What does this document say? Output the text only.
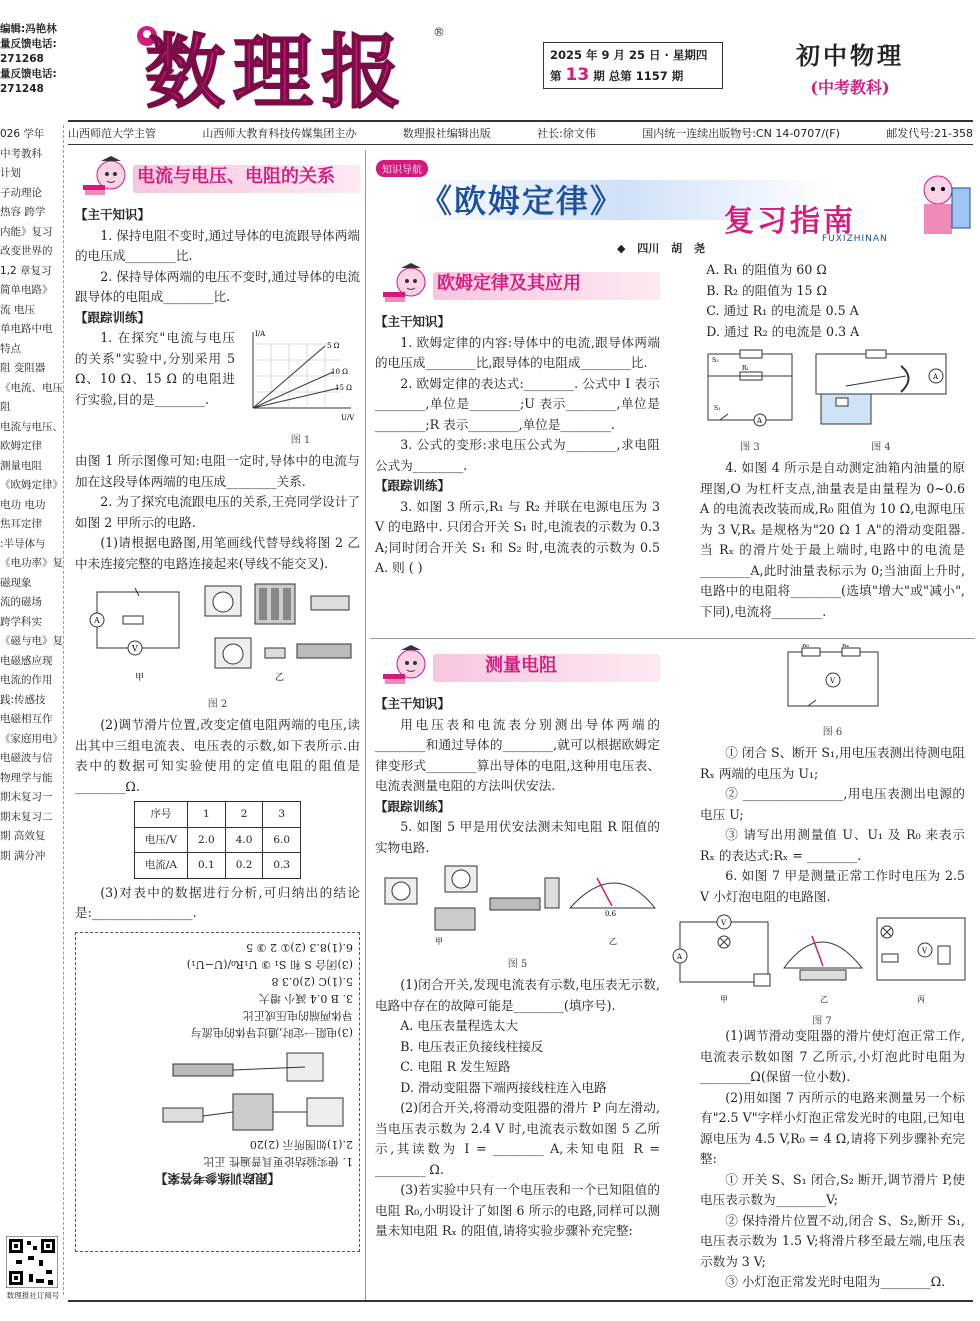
编辑:冯艳林
量反馈电话:
271268
量反馈电话:
271248 数理报 ®
2025 年 9 月 25 日 · 星期四
第 13 期 总第 1157 期
初中物理
(中考教科)
山西师范大学主管	山西师大教育科技传媒集团主办	数理报社编辑出版	社长:徐文伟	国内统一连续出版物号:CN 14-0707/(F)	邮发代号:21-358
026 学年
中考教科
计划
子动理论
热容 跨学
内能》复习
改变世界的
1,2 章复习
简单电路》
流 电压
单电路中电
特点
阻 变阻器
《电流、电压
阻
电流与电压、
欧姆定律
测量电阻
《欧姆定律》
电功 电功
焦耳定律
:半导体与
《电功率》复
磁现象
流的磁场
跨学科实
《磁与电》复
电磁感应现
电流的作用
践:传感技
电磁相互作
《家庭用电》
电磁波与信
物理学与能
期末复习一
期末复习二
期 高效复
期 满分冲
数理报社订阅号
电流与电压、电阻的关系

【主干知识】

1. 保持电阻不变时,通过导体的电流跟导体两端的电压成________比.

2. 保持导体两端的电压不变时,通过导体的电流跟导体的电阻成________比.

【跟踪训练】

1. 在探究"电流与电压的关系"实验中,分别采用 5 Ω、10 Ω、15 Ω 的电阻进行实验,目的是________.

5 Ω
10 Ω
15 Ω
I/A
U/V
图 1

由图 1 所示图像可知:电阻一定时,导体中的电流与加在这段导体两端的电压成________关系.

2. 为了探究电流跟电压的关系,王亮同学设计了如图 2 甲所示的电路.

(1)请根据电路图,用笔画线代替导线将图 2 乙中未连接完整的电路连接起来(导线不能交叉).

A
V
甲	乙
图 2

(2)调节滑片位置,改变定值电阻两端的电压,读出其中三组电流表、电压表的示数,如下表所示.由表中的数据可知实验使用的定值电阻的阻值是________Ω.

序号	1	2	3
电压/V	2.0	4.0	6.0
电流/A	0.1	0.2	0.3

(3)对表中的数据进行分析,可归纳出的结论是:________________.

【跟踪训练参考答案】
1. 使实验结论更具普遍性 正比
2.(1)如图所示 (2)20
(3)电阻一定时,通过导体的电流与
导体两端的电压成正比
3. B 0.4 减小 增大
5.(1)C (2)0.3 8
(3)闭合 S 和 S₁ ③ U₁R₀/(U−U₁)
6.(1)8.3 (2)① 2 ③ 5
知识导航
《欧姆定律》
复习指南
FUXIZHINAN
◆ 四川 胡 尧
欧姆定律及其应用

【主干知识】

1. 欧姆定律的内容:导体中的电流,跟导体两端的电压成________比,跟导体的电阻成________比.

2. 欧姆定律的表达式:________. 公式中 I 表示________,单位是________;U 表示________,单位是________;R 表示________,单位是________.

3. 公式的变形:求电压公式为________,求电阻公式为________.

【跟踪训练】

3. 如图 3 所示,R₁ 与 R₂ 并联在电源电压为 3 V 的电路中. 只闭合开关 S₁ 时,电流表的示数为 0.3 A;同时闭合开关 S₁ 和 S₂ 时,电流表的示数为 0.5 A. 则 ( )

A. R₁ 的阻值为 60 Ω

B. R₂ 的阻值为 15 Ω

C. 通过 R₁ 的电流是 0.5 A

D. 通过 R₂ 的电流是 0.3 A

A
S₂
R₁
S₁
图 3
A
图 4

4. 如图 4 所示是自动测定油箱内油量的原理图,O 为杠杆支点,油量表是由量程为 0~0.6 A 的电流表改装而成,R₀ 阻值为 10 Ω,电源电压为 3 V,Rₓ 是规格为"20 Ω 1 A"的滑动变阻器. 当 Rₓ 的滑片处于最上端时,电路中的电流是________A,此时油量表标示为 0;当油面上升时,电路中的电阻将________(选填"增大"或"减小",下同),电流将________.

测量电阻

【主干知识】

用电压表和电流表分别测出导体两端的________和通过导体的________,就可以根据欧姆定律变形式________算出导体的电阻,这种用电压表、电流表测量电阻的方法叫伏安法.

【跟踪训练】

5. 如图 5 甲是用伏安法测未知电阻 R 阻值的实物电路.

0.6
甲	乙
图 5

(1)闭合开关,发现电流表有示数,电压表无示数,电路中存在的故障可能是________(填序号).

A. 电压表量程选太大

B. 电压表正负接线柱接反

C. 电阻 R 发生短路

D. 滑动变阻器下端两接线柱连入电路

(2)闭合开关,将滑动变阻器的滑片 P 向左滑动,当电压表示数为 2.4 V 时,电流表示数如图 5 乙所示,其读数为 I = ________ A,未知电阻 R = ________ Ω.

(3)若实验中只有一个电压表和一个已知阻值的电阻 R₀,小明设计了如图 6 所示的电路,同样可以测量未知电阻 Rₓ 的阻值,请将实验步骤补充完整:

V
R₀	Rₓ
图 6

① 闭合 S、断开 S₁,用电压表测出待测电阻 Rₓ 两端的电压为 U₁;

② ________________,用电压表测出电源的电压 U;

③ 请写出用测量值 U、U₁ 及 R₀ 来表示 Rₓ 的表达式:Rₓ = ________.

6. 如图 7 甲是测量正常工作时电压为 2.5 V 小灯泡电阻的电路图.

V
A
V
甲	乙	丙
图 7

(1)调节滑动变阻器的滑片使灯泡正常工作,电流表示数如图 7 乙所示,小灯泡此时电阻为________Ω(保留一位小数).

(2)用如图 7 丙所示的电路来测量另一个标有"2.5 V"字样小灯泡正常发光时的电阻,已知电源电压为 4.5 V,R₀ = 4 Ω,请将下列步骤补充完整:

① 开关 S、S₁ 闭合,S₂ 断开,调节滑片 P,使电压表示数为________V;

② 保持滑片位置不动,闭合 S、S₂,断开 S₁,电压表示数为 1.5 V;将滑片移至最左端,电压表示数为 3 V;

③ 小灯泡正常发光时电阻为________Ω.
